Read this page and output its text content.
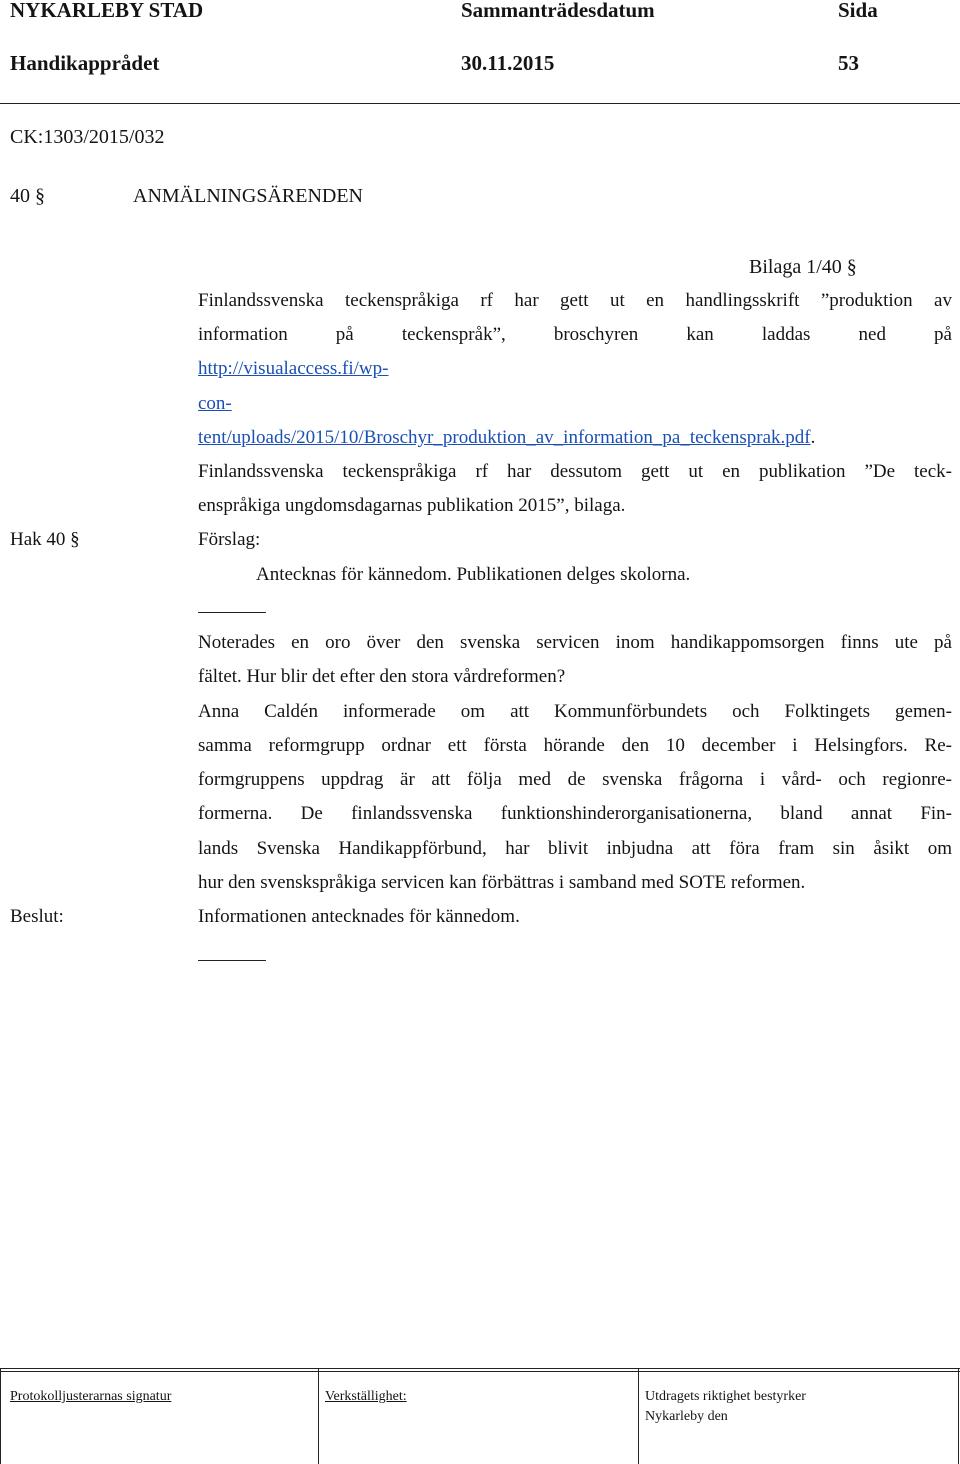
NYKARLEBY STAD	Sammanträdesdatum	Sida
Handikapprådet	30.11.2015	53
CK:1303/2015/032
40 §	ANMÄLNINGSÄRENDEN
Bilaga 1/40 §
Finlandssvenska teckenspråkiga rf har gett ut en handlingsskrift ”produktion av
information på teckenspråk”, broschyren kan laddas ned på
http://visualaccess.fi/wp-
con-
tent/uploads/2015/10/Broschyr_produktion_av_information_pa_teckensprak.pdf.
Finlandssvenska teckenspråkiga rf har dessutom gett ut en publikation ”De teck-
enspråkiga ungdomsdagarnas publikation 2015”, bilaga.
Hak 40 §	Förslag:
Antecknas för kännedom. Publikationen delges skolorna.
Noterades en oro över den svenska servicen inom handikappomsorgen finns ute på
fältet. Hur blir det efter den stora vårdreformen?
Anna Caldén informerade om att Kommunförbundets och Folktingets gemen-
samma reformgrupp ordnar ett första hörande den 10 december i Helsingfors. Re-
formgruppens uppdrag är att följa med de svenska frågorna i vård- och regionre-
formerna. De finlandssvenska funktionshinderorganisationerna, bland annat Fin-
lands Svenska Handikappförbund, har blivit inbjudna att föra fram sin åsikt om
hur den svenskspråkiga servicen kan förbättras i samband med SOTE reformen.
Beslut:	Informationen antecknades för kännedom.
Protokolljusterarnas signatur	Verkställighet:	Utdragets riktighet bestyrker
Nykarleby den
